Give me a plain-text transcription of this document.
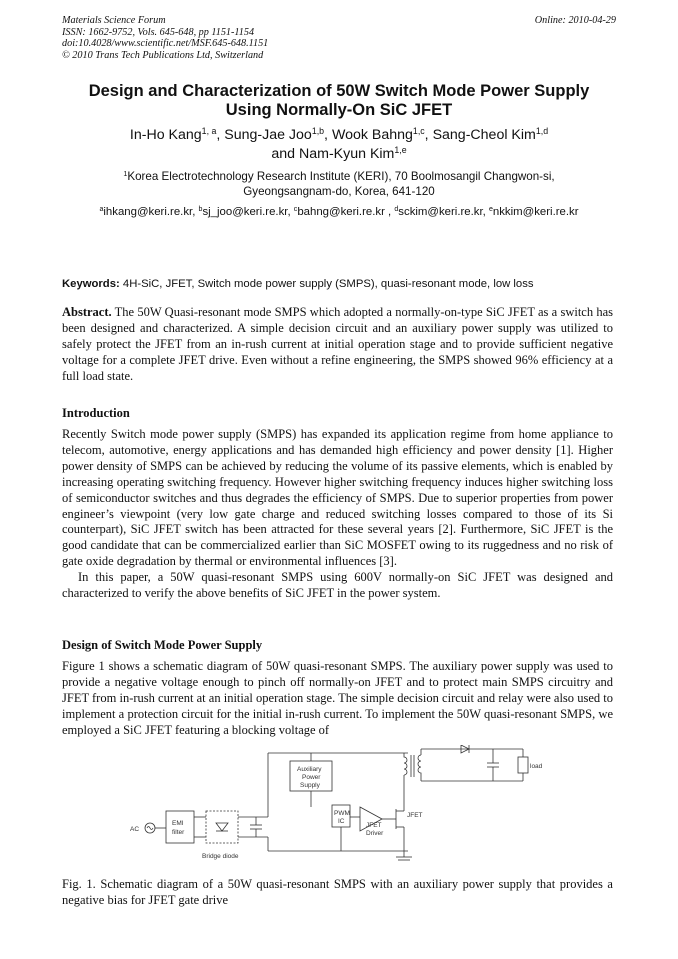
Materials Science Forum
ISSN: 1662-9752, Vols. 645-648, pp 1151-1154
doi:10.4028/www.scientific.net/MSF.645-648.1151
© 2010 Trans Tech Publications Ltd, Switzerland
Online: 2010-04-29
Design and Characterization of 50W Switch Mode Power Supply
Using Normally-On SiC JFET
In-Ho Kang$^{1, a}$, Sung-Jae Joo$^{1,b}$, Wook Bahng$^{1,c}$, Sang-Cheol Kim$^{1,d}$
and Nam-Kyun Kim$^{1,e}$
$^1$Korea Electrotechnology Research Institute (KERI), 70 Boolmosangil Changwon-si,
Gyeongsangnam-do, Korea, 641-120
$^a$ihkang@keri.re.kr, $^b$sj_joo@keri.re.kr, $^c$bahng@keri.re.kr , $^d$sckim@keri.re.kr, $^e$nkkim@keri.re.kr
Keywords: 4H-SiC, JFET, Switch mode power supply (SMPS), quasi-resonant mode, low loss
Abstract. The 50W Quasi-resonant mode SMPS which adopted a normally-on-type SiC JFET as a switch has been designed and characterized. A simple decision circuit and an auxiliary power supply was utilized to safely protect the JFET from an in-rush current at initial operation stage and to provide sufficient negative voltage for a complete JFET drive. Even without a refine engineering, the SMPS showed 96% efficiency at a full load state.
Introduction
Recently Switch mode power supply (SMPS) has expanded its application regime from home appliance to telecom, automotive, energy applications and has demanded high efficiency and power density [1]. Higher power density of SMPS can be achieved by reducing the volume of its passive elements, which is enabled by increasing operating switching frequency. However higher switching frequency induces higher switching loss of semiconductor switches and thus degrades the efficiency of SMPS. Due to superior properties from power engineer’s viewpoint (very low gate charge and reduced switching losses compared to those of its Si counterpart), SiC JFET switch has been attracted for these several years [2]. Furthermore, SiC JFET is the good candidate that can be commercialized earlier than SiC MOSFET owing to its ruggedness and no risk of gate oxide degradation by thermal or environmental influences [3].
In this paper, a 50W quasi-resonant SMPS using 600V normally-on SiC JFET was designed and characterized to verify the above benefits of SiC JFET in the power system.
Design of Switch Mode Power Supply
Figure 1 shows a schematic diagram of 50W quasi-resonant SMPS. The auxiliary power supply was used to provide a negative voltage enough to pinch off normally-on JFET and to protect main SMPS circuitry and JFET from in-rush current at an initial operation stage. The simple decision circuit and relay were also used to implement a protection circuit for the initial in-rush current. To implement the 50W quasi-resonant SMPS, we employed a SiC JFET featuring a blocking voltage of
AC
EMI
filter
Bridge diode
Auxiliary
Power
Supply
PWM
IC
JFET
Driver
JFET
load
Fig. 1. Schematic diagram of a 50W quasi-resonant SMPS with an auxiliary power supply that provides a negative bias for JFET gate drive
